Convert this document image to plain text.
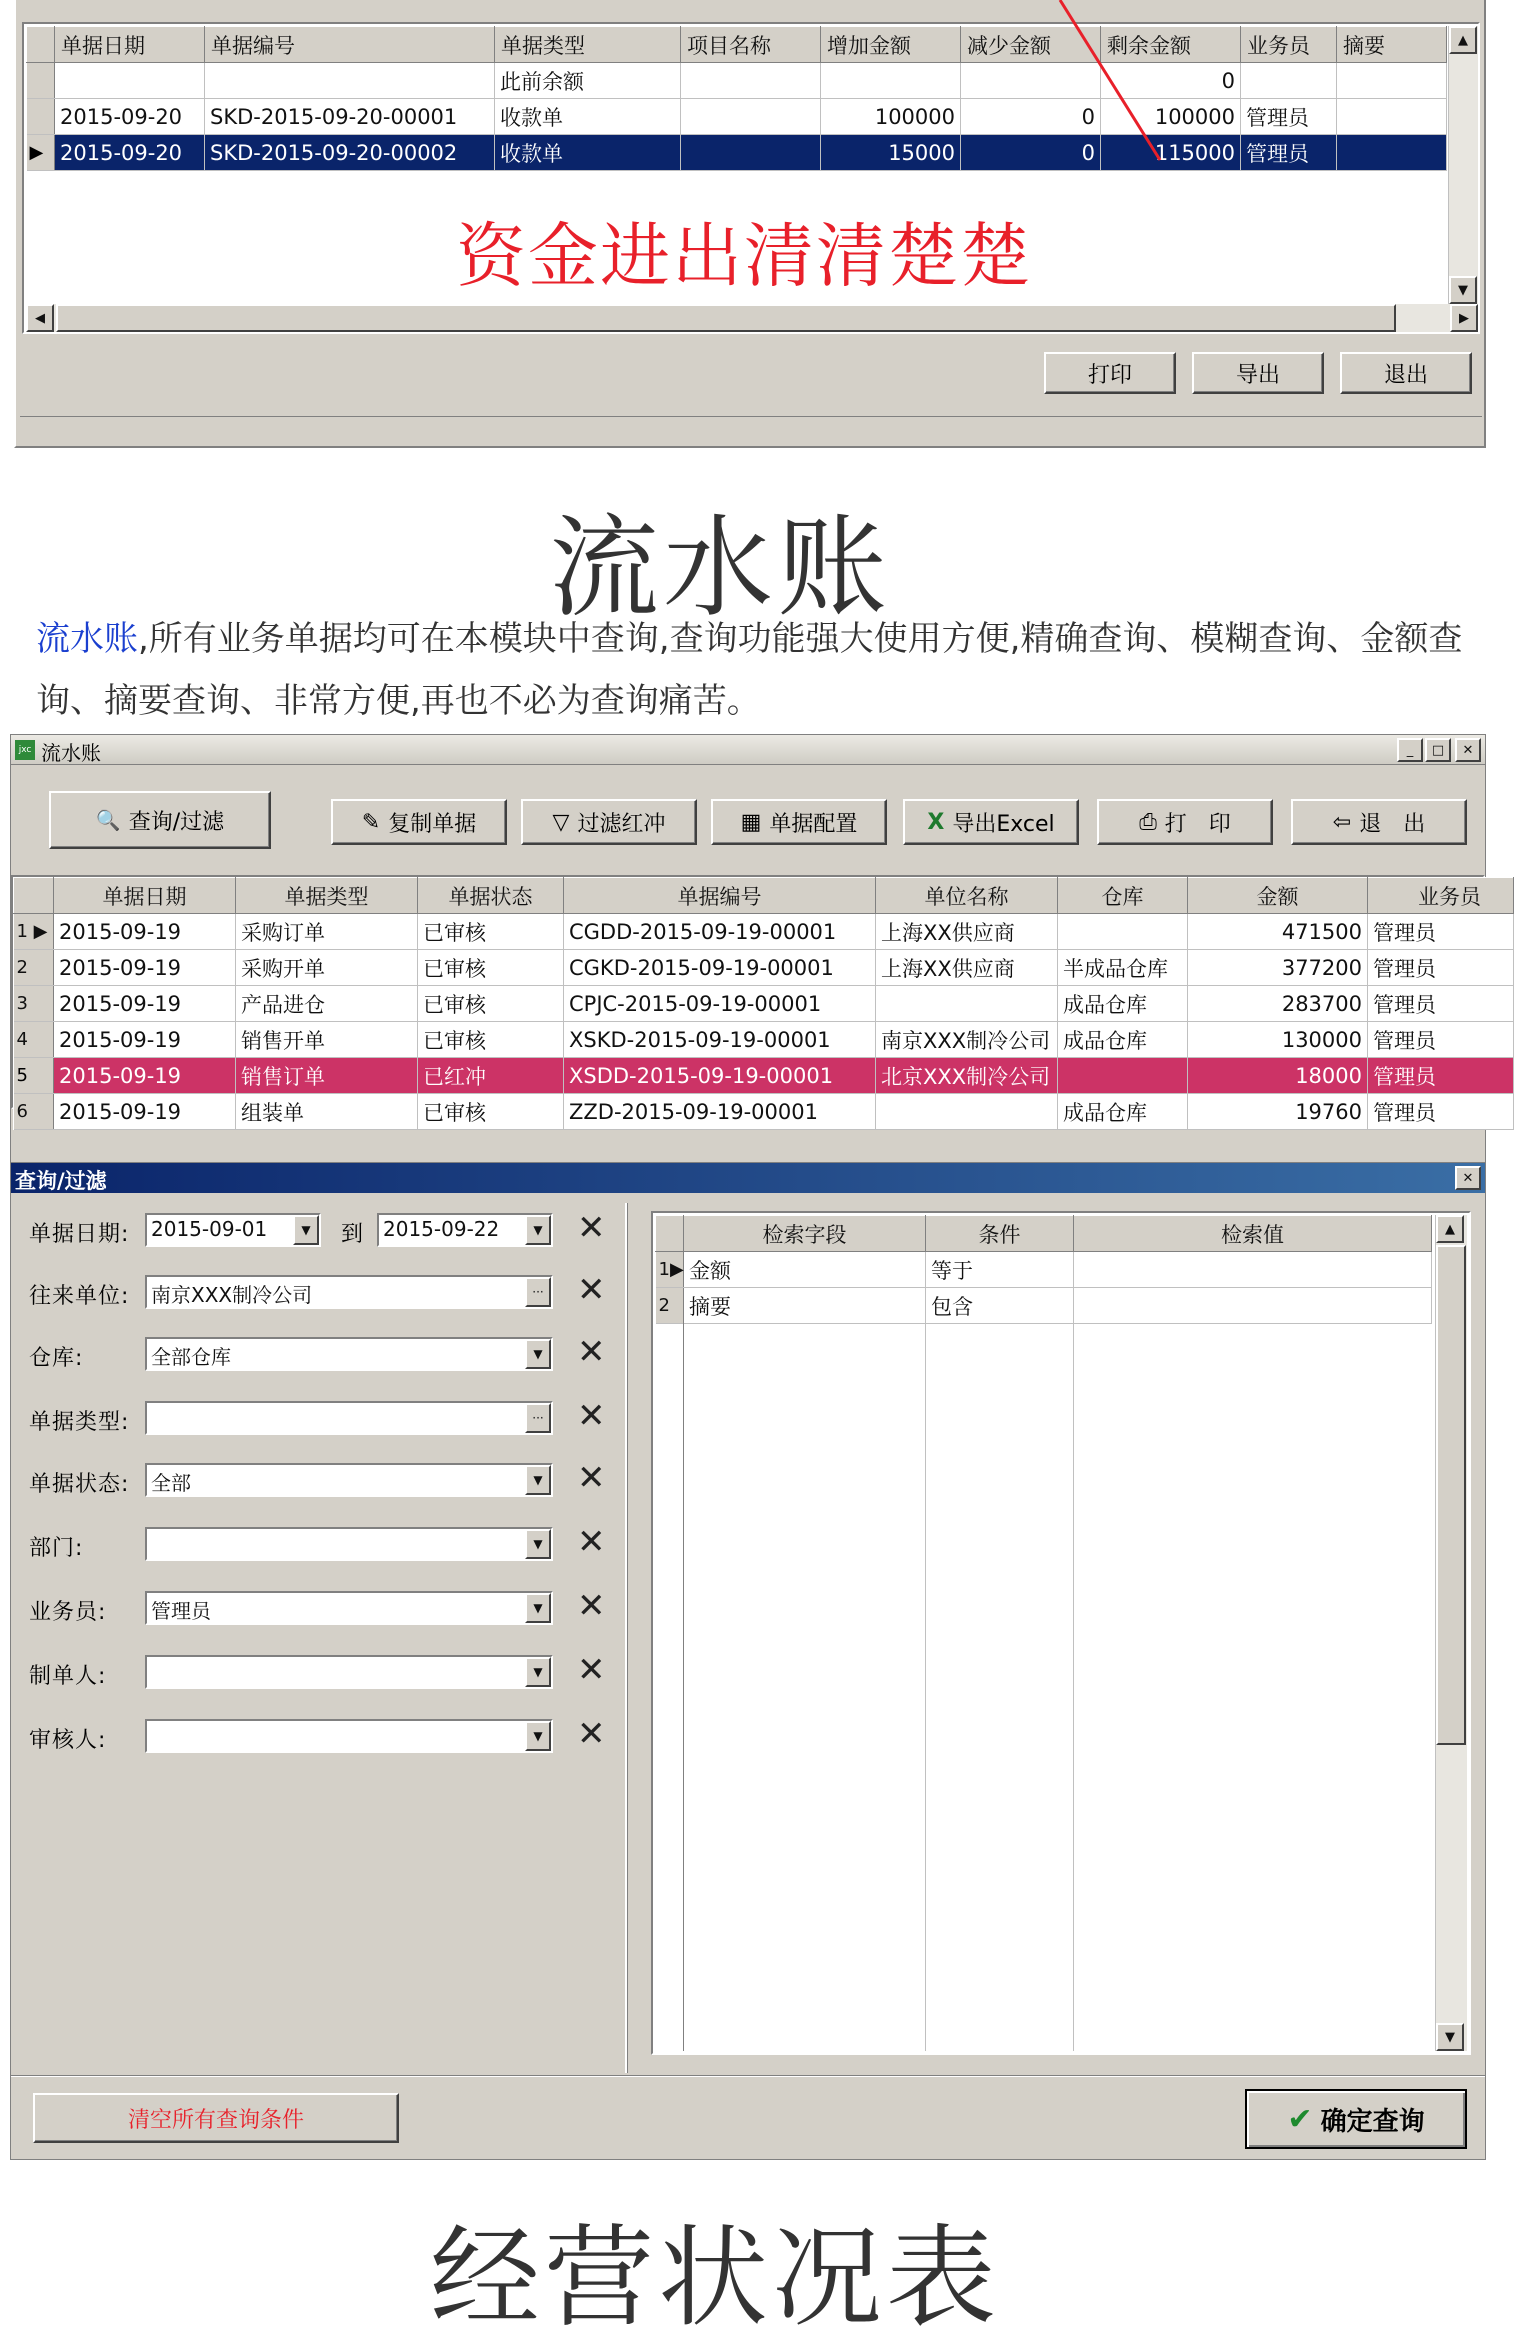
	单据日期	单据编号	单据类型	项目名称	增加金额	减少金额	剩余金额	业务员	摘要
			此前余额				0		
	2015-09-20	SKD-2015-09-20-00001	收款单		100000	0	100000	管理员	
▶	2015-09-20	SKD-2015-09-20-00002	收款单		15000	0	115000	管理员	
资金进出清清楚楚
▲
▼
◀	▶
打印	导出	退出
流水账
流水账,所有业务单据均可在本模块中查询,查询功能强大使用方便,精确查询、模糊查询、金额查询、摘要查询、非常方便,再也不必为查询痛苦。
jxc 流水账	_	□	✕
🔍 查询/过滤	✎ 复制单据	▽ 过滤红冲	▦ 单据配置	X 导出Excel	⎙ 打　印	⇦ 退　出
	单据日期	单据类型	单据状态	单据编号	单位名称	仓库	金额	业务员
1 ▶	2015-09-19	采购订单	已审核	CGDD-2015-09-19-00001	上海XX供应商		471500	管理员
2	2015-09-19	采购开单	已审核	CGKD-2015-09-19-00001	上海XX供应商	半成品仓库	377200	管理员
3	2015-09-19	产品进仓	已审核	CPJC-2015-09-19-00001		成品仓库	283700	管理员
4	2015-09-19	销售开单	已审核	XSKD-2015-09-19-00001	南京XXX制冷公司	成品仓库	130000	管理员
5	2015-09-19	销售订单	已红冲	XSDD-2015-09-19-00001	北京XXX制冷公司		18000	管理员
6	2015-09-19	组装单	已审核	ZZD-2015-09-19-00001		成品仓库	19760	管理员
查询/过滤	✕
单据日期:	2015-09-01	▼	到 2015-09-22	▼ ✕
往来单位:	南京XXX制冷公司	··· ✕
仓库:	全部仓库	▼ ✕
单据类型:	··· ✕
单据状态:	全部	▼ ✕
部门:	▼ ✕
业务员:	管理员	▼ ✕
制单人:	▼ ✕
审核人:	▼ ✕
	检索字段	条件	检索值
1▶	金额	等于	
2	摘要	包含	
▲
▼
清空所有查询条件	✔ 确定查询
经营状况表
